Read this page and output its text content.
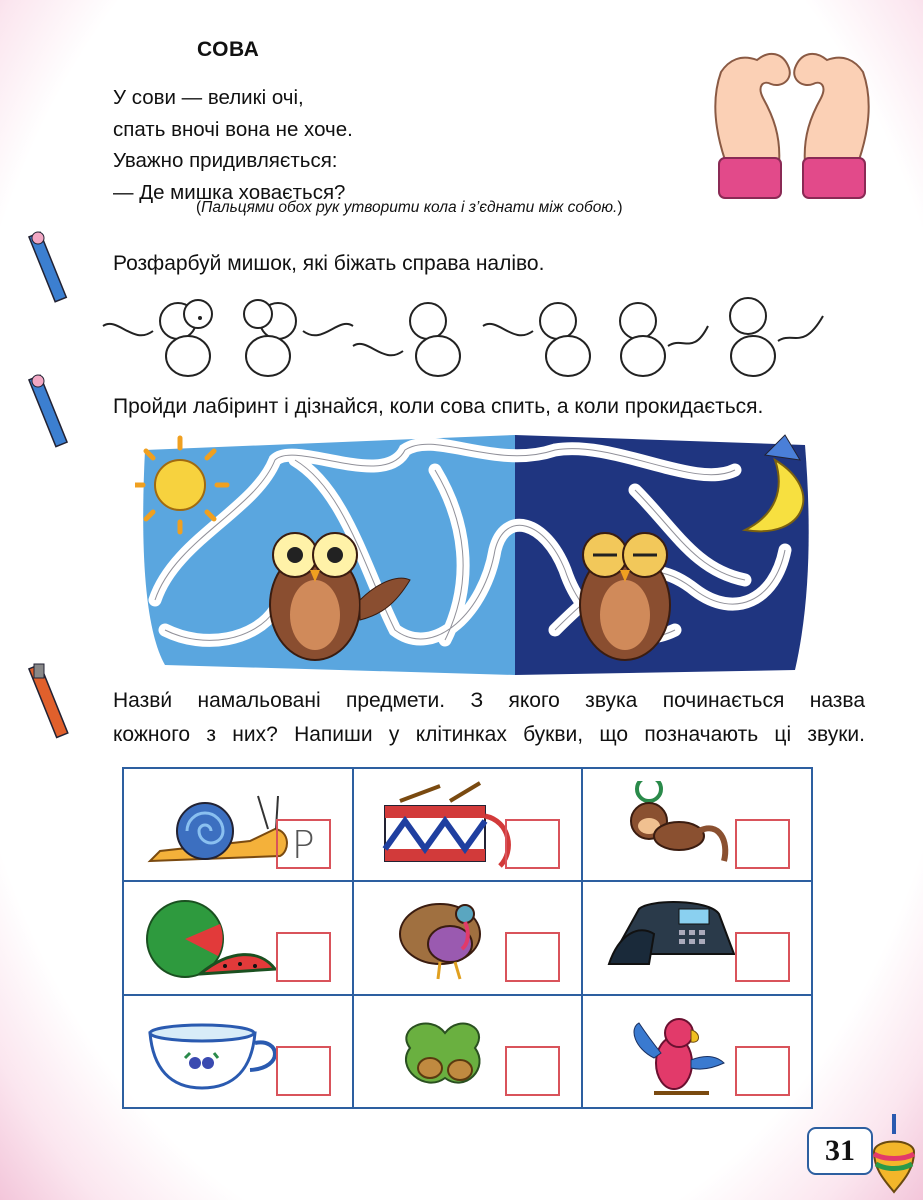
СОВА
У сови — великі очі,
спать вночі вона не хоче.
Уважно придивляється:
— Де мишка ховається?
(Пальцями обох рук утворити кола і з’єднати між собою.)
Розфарбуй мишок, які біжать справа наліво.
Пройди лабіринт і дізнайся, коли сова спить, а коли прокидається.
Назви́ намальовані предмети. З якого звука починається назва
кожного з них? Напиши у клітинках букви, що позначають ці звуки.
Р

31
